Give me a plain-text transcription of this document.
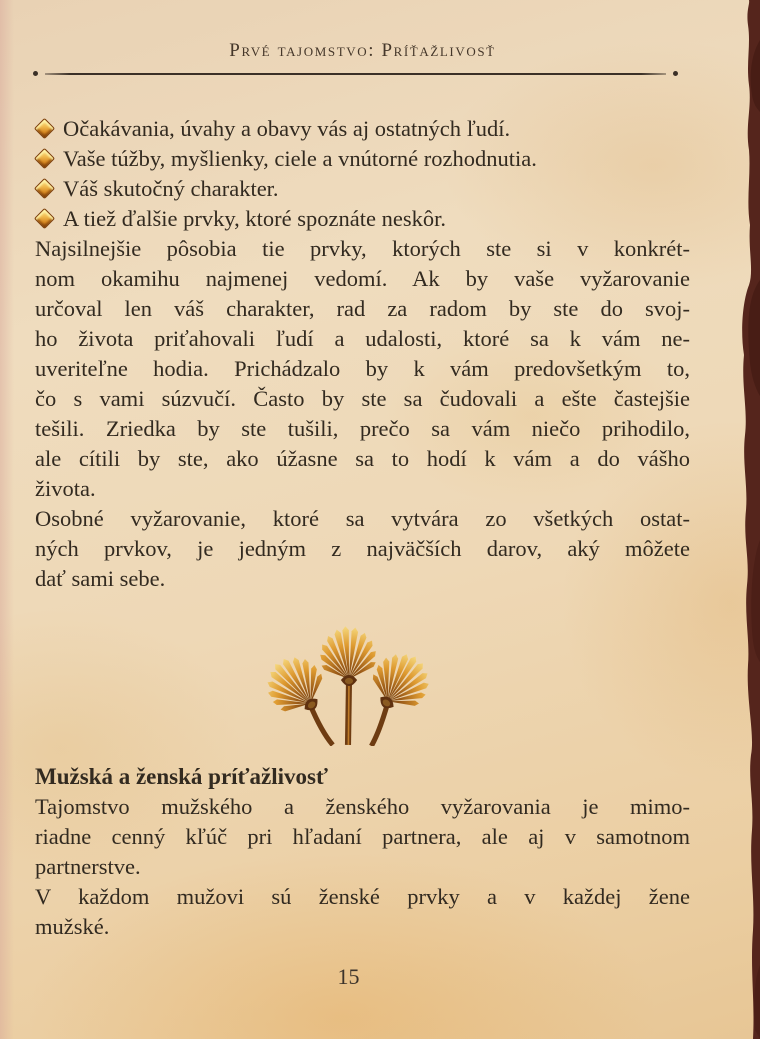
Prvé tajomstvo: Príťažlivosť
Očakávania, úvahy a obavy vás aj ostatných ľudí.
Vaše túžby, myšlienky, ciele a vnútorné rozhodnutia.
Váš skutočný charakter.
A tiež ďalšie prvky, ktoré spoznáte neskôr.
Najsilnejšie pôsobia tie prvky, ktorých ste si v konkrét-
nom okamihu najmenej vedomí. Ak by vaše vyžarovanie
určoval len váš charakter, rad za radom by ste do svoj-
ho života priťahovali ľudí a udalosti, ktoré sa k vám ne-
uveriteľne hodia. Prichádzalo by k vám predovšetkým to,
čo s vami súzvučí. Často by ste sa čudovali a ešte častejšie
tešili. Zriedka by ste tušili, prečo sa vám niečo prihodilo,
ale cítili by ste, ako úžasne sa to hodí k vám a do vášho
života.
Osobné vyžarovanie, ktoré sa vytvára zo všetkých ostat-
ných prvkov, je jedným z najväčších darov, aký môžete
dať sami sebe.
Mužská a ženská príťažlivosť
Tajomstvo mužského a ženského vyžarovania je mimo-
riadne cenný kľúč pri hľadaní partnera, ale aj v samotnom
partnerstve.
V každom mužovi sú ženské prvky a v každej žene
mužské.
15
